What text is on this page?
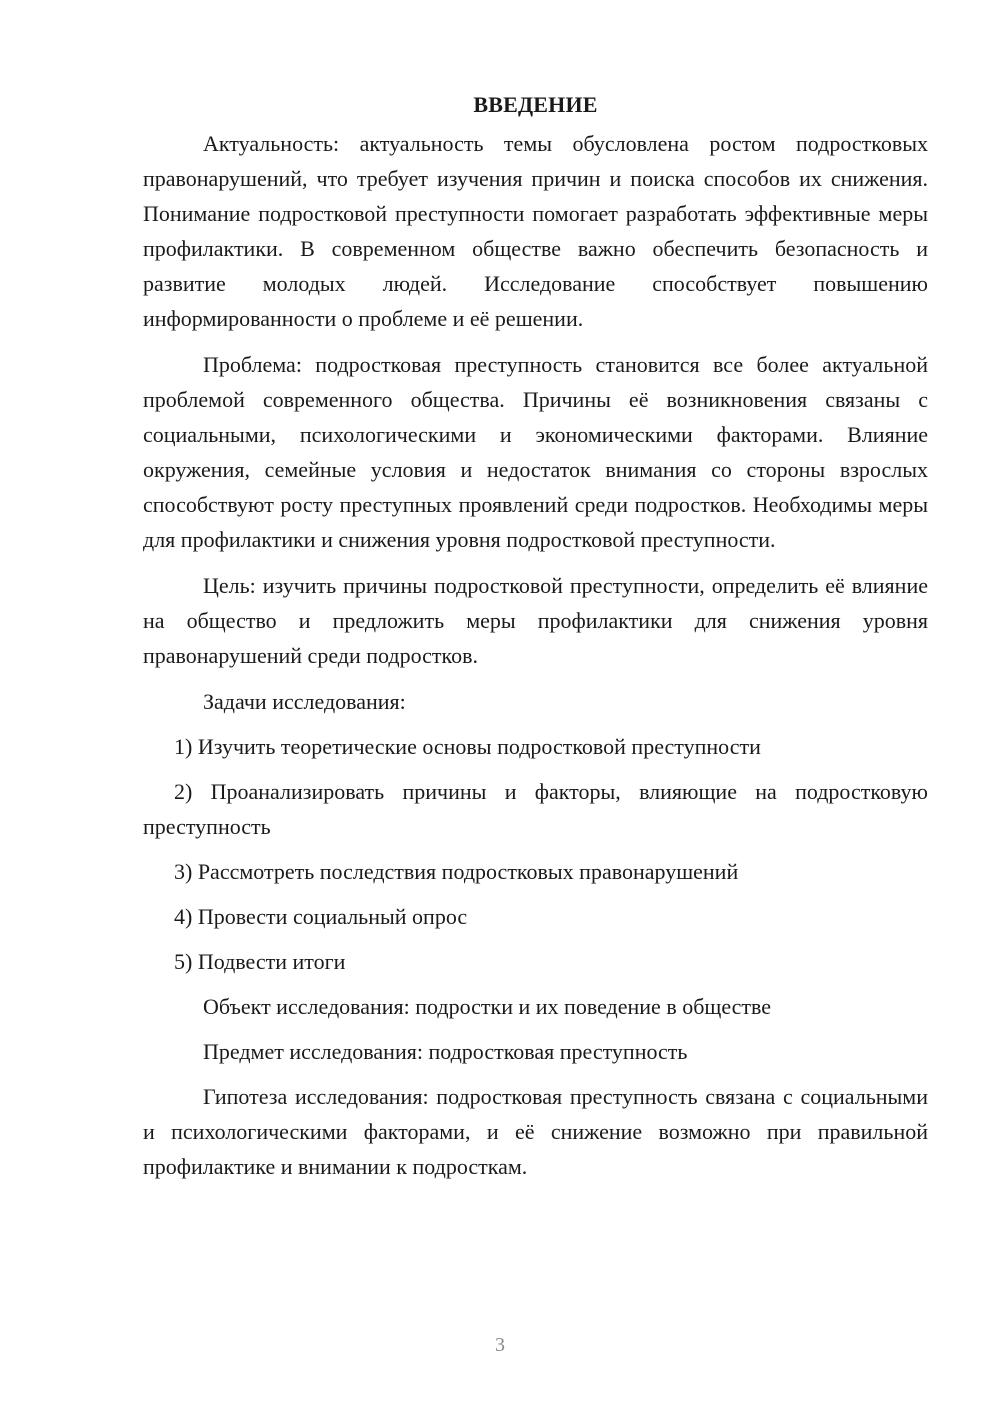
ВВЕДЕНИЕ

Актуальность: актуальность темы обусловлена ростом подростковых правонарушений, что требует изучения причин и поиска способов их снижения. Понимание подростковой преступности помогает разработать эффективные меры профилактики. В современном обществе важно обеспечить безопасность и развитие молодых людей. Исследование способствует повышению информированности о проблеме и её решении.

Проблема: подростковая преступность становится все более актуальной проблемой современного общества. Причины её возникновения связаны с социальными, психологическими и экономическими факторами. Влияние окружения, семейные условия и недостаток внимания со стороны взрослых способствуют росту преступных проявлений среди подростков. Необходимы меры для профилактики и снижения уровня подростковой преступности.

Цель: изучить причины подростковой преступности, определить её влияние на общество и предложить меры профилактики для снижения уровня правонарушений среди подростков.

Задачи исследования:

1) Изучить теоретические основы подростковой преступности

2) Проанализировать причины и факторы, влияющие на подростковую преступность

3) Рассмотреть последствия подростковых правонарушений

4) Провести социальный опрос

5) Подвести итоги

Объект исследования: подростки и их поведение в обществе

Предмет исследования: подростковая преступность

Гипотеза исследования: подростковая преступность связана с социальными и психологическими факторами, и её снижение возможно при правильной профилактике и внимании к подросткам.

3
